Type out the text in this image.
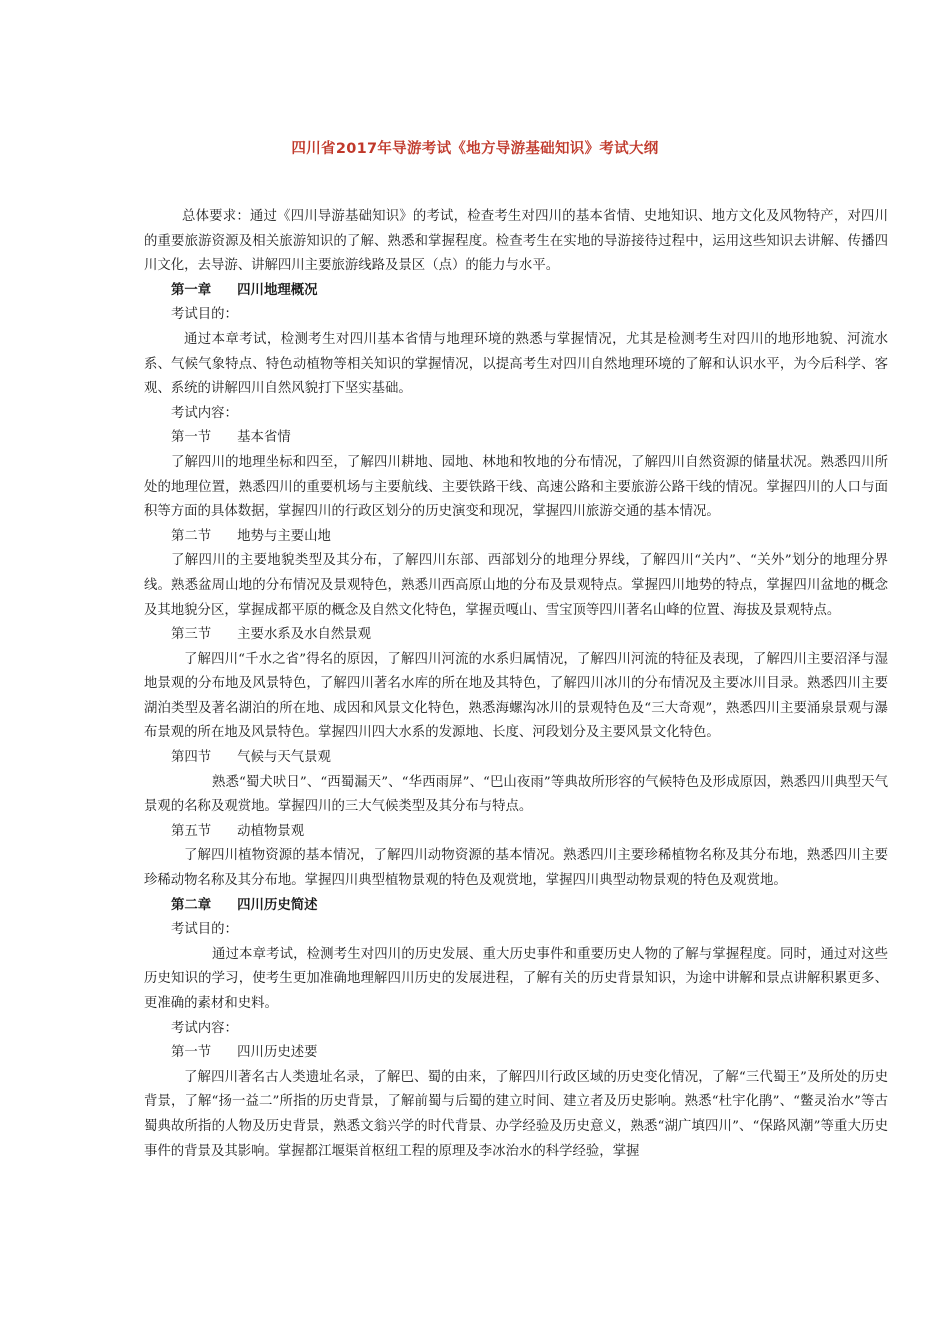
四川省2017年导游考试《地方导游基础知识》考试大纲

总体要求：通过《四川导游基础知识》的考试，检查考生对四川的基本省情、史地知识、地方文化及风物特产，对四川的重要旅游资源及相关旅游知识的了解、熟悉和掌握程度。检查考生在实地的导游接待过程中，运用这些知识去讲解、传播四川文化，去导游、讲解四川主要旅游线路及景区（点）的能力与水平。

第一章 四川地理概况

考试目的：

通过本章考试，检测考生对四川基本省情与地理环境的熟悉与掌握情况，尤其是检测考生对四川的地形地貌、河流水系、气候气象特点、特色动植物等相关知识的掌握情况，以提高考生对四川自然地理环境的了解和认识水平，为今后科学、客观、系统的讲解四川自然风貌打下坚实基础。

考试内容：

第一节 基本省情

了解四川的地理坐标和四至，了解四川耕地、园地、林地和牧地的分布情况，了解四川自然资源的储量状况。熟悉四川所处的地理位置，熟悉四川的重要机场与主要航线、主要铁路干线、高速公路和主要旅游公路干线的情况。掌握四川的人口与面积等方面的具体数据，掌握四川的行政区划分的历史演变和现况，掌握四川旅游交通的基本情况。

第二节 地势与主要山地

了解四川的主要地貌类型及其分布，了解四川东部、西部划分的地理分界线，了解四川“关内”、“关外”划分的地理分界线。熟悉盆周山地的分布情况及景观特色，熟悉川西高原山地的分布及景观特点。掌握四川地势的特点，掌握四川盆地的概念及其地貌分区，掌握成都平原的概念及自然文化特色，掌握贡嘎山、雪宝顶等四川著名山峰的位置、海拔及景观特点。

第三节 主要水系及水自然景观

了解四川“千水之省”得名的原因，了解四川河流的水系归属情况，了解四川河流的特征及表现，了解四川主要沼泽与湿地景观的分布地及风景特色，了解四川著名水库的所在地及其特色，了解四川冰川的分布情况及主要冰川目录。熟悉四川主要湖泊类型及著名湖泊的所在地、成因和风景文化特色，熟悉海螺沟冰川的景观特色及“三大奇观”，熟悉四川主要涌泉景观与瀑布景观的所在地及风景特色。掌握四川四大水系的发源地、长度、河段划分及主要风景文化特色。

第四节 气候与天气景观

熟悉“蜀犬吠日”、“西蜀漏天”、“华西雨屏”、“巴山夜雨”等典故所形容的气候特色及形成原因，熟悉四川典型天气景观的名称及观赏地。掌握四川的三大气候类型及其分布与特点。

第五节 动植物景观

了解四川植物资源的基本情况，了解四川动物资源的基本情况。熟悉四川主要珍稀植物名称及其分布地，熟悉四川主要珍稀动物名称及其分布地。掌握四川典型植物景观的特色及观赏地，掌握四川典型动物景观的特色及观赏地。

第二章 四川历史简述

考试目的：

通过本章考试，检测考生对四川的历史发展、重大历史事件和重要历史人物的了解与掌握程度。同时，通过对这些历史知识的学习，使考生更加准确地理解四川历史的发展进程，了解有关的历史背景知识，为途中讲解和景点讲解积累更多、更准确的素材和史料。

考试内容：

第一节 四川历史述要

了解四川著名古人类遗址名录，了解巴、蜀的由来，了解四川行政区域的历史变化情况，了解“三代蜀王”及所处的历史背景，了解“扬一益二”所指的历史背景，了解前蜀与后蜀的建立时间、建立者及历史影响。熟悉“杜宇化鹃”、“鳖灵治水”等古蜀典故所指的人物及历史背景，熟悉文翁兴学的时代背景、办学经验及历史意义，熟悉“湖广填四川”、“保路风潮”等重大历史事件的背景及其影响。掌握都江堰渠首枢纽工程的原理及李冰治水的科学经验，掌握
